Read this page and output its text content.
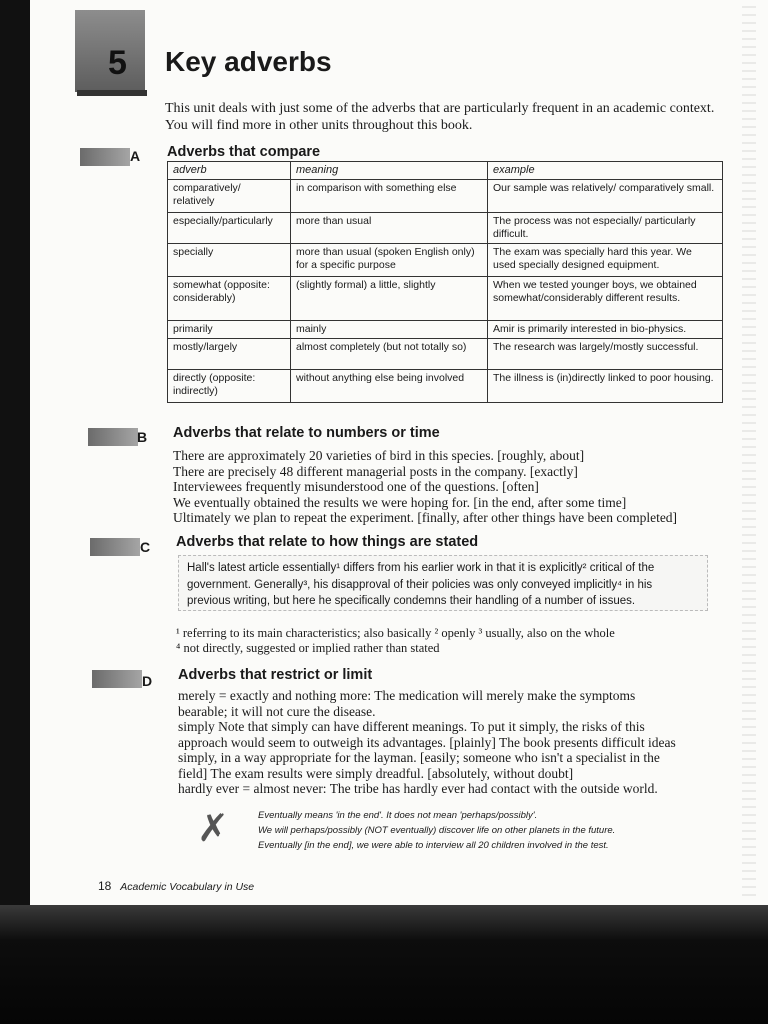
5 Key adverbs

This unit deals with just some of the adverbs that are particularly frequent in an academic context. You will find more in other units throughout this book.

A Adverbs that compare
adverb	meaning	example
comparatively/ relatively	in comparison with something else	Our sample was relatively/ comparatively small.
especially/particularly	more than usual	The process was not especially/ particularly difficult.
specially	more than usual (spoken English only) for a specific purpose	The exam was specially hard this year. We used specially designed equipment.
somewhat (opposite: considerably)	(slightly formal) a little, slightly	When we tested younger boys, we obtained somewhat/considerably different results.
primarily	mainly	Amir is primarily interested in bio-physics.
mostly/largely	almost completely (but not totally so)	The research was largely/mostly successful.
directly (opposite: indirectly)	without anything else being involved	The illness is (in)directly linked to poor housing.
B Adverbs that relate to numbers or time
There are approximately 20 varieties of bird in this species. [roughly, about]
There are precisely 48 different managerial posts in the company. [exactly]
Interviewees frequently misunderstood one of the questions. [often]
We eventually obtained the results we were hoping for. [in the end, after some time]
Ultimately we plan to repeat the experiment. [finally, after other things have been completed]
C Adverbs that relate to how things are stated
Hall's latest article essentially¹ differs from his earlier work in that it is explicitly² critical of the
government. Generally³, his disapproval of their policies was only conveyed implicitly⁴ in his
previous writing, but here he specifically condemns their handling of a number of issues.
¹ referring to its main characteristics; also basically ² openly ³ usually, also on the whole
⁴ not directly, suggested or implied rather than stated
D Adverbs that restrict or limit
merely = exactly and nothing more: The medication will merely make the symptoms
bearable; it will not cure the disease.
simply Note that simply can have different meanings. To put it simply, the risks of this
approach would seem to outweigh its advantages. [plainly] The book presents difficult ideas
simply, in a way appropriate for the layman. [easily; someone who isn't a specialist in the
field] The exam results were simply dreadful. [absolutely, without doubt]
hardly ever = almost never: The tribe has hardly ever had contact with the outside world.
✗	Eventually means 'in the end'. It does not mean 'perhaps/possibly'.
We will perhaps/possibly (NOT eventually) discover life on other planets in the future.
Eventually [in the end], we were able to interview all 20 children involved in the test.
18 Academic Vocabulary in Use
